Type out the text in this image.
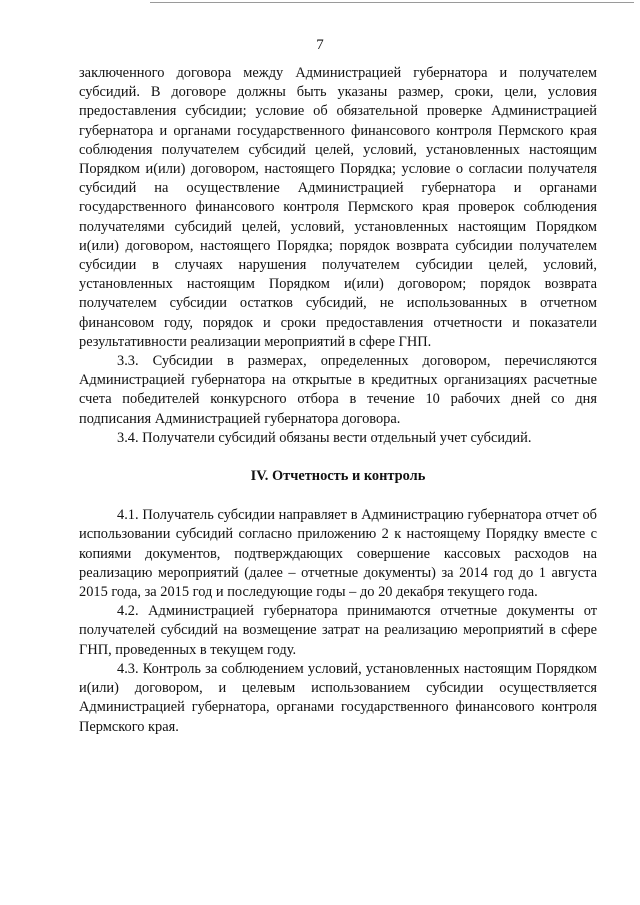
7

заключенного договора между Администрацией губернатора и получателем субсидий. В договоре должны быть указаны размер, сроки, цели, условия предоставления субсидии; условие об обязательной проверке Администрацией губернатора и органами государственного финансового контроля Пермского края соблюдения получателем субсидий целей, условий, установленных настоящим Порядком и(или) договором, настоящего Порядка; условие о согласии получателя субсидий на осуществление Администрацией губернатора и органами государственного финансового контроля Пермского края проверок соблюдения получателями субсидий целей, условий, установленных настоящим Порядком и(или) договором, настоящего Порядка; порядок возврата субсидии получателем субсидии в случаях нарушения получателем субсидии целей, условий, установленных настоящим Порядком и(или) договором; порядок возврата получателем субсидии остатков субсидий, не использованных в отчетном финансовом году, порядок и сроки предоставления отчетности и показатели результативности реализации мероприятий в сфере ГНП.

3.3. Субсидии в размерах, определенных договором, перечисляются Администрацией губернатора на открытые в кредитных организациях расчетные счета победителей конкурсного отбора в течение 10 рабочих дней со дня подписания Администрацией губернатора договора.

3.4. Получатели субсидий обязаны вести отдельный учет субсидий.

IV. Отчетность и контроль

4.1. Получатель субсидии направляет в Администрацию губернатора отчет об использовании субсидий согласно приложению 2 к настоящему Порядку вместе с копиями документов, подтверждающих совершение кассовых расходов на реализацию мероприятий (далее – отчетные документы) за 2014 год до 1 августа 2015 года, за 2015 год и последующие годы – до 20 декабря текущего года.

4.2. Администрацией губернатора принимаются отчетные документы от получателей субсидий на возмещение затрат на реализацию мероприятий в сфере ГНП, проведенных в текущем году.

4.3. Контроль за соблюдением условий, установленных настоящим Порядком и(или) договором, и целевым использованием субсидии осуществляется Администрацией губернатора, органами государственного финансового контроля Пермского края.
